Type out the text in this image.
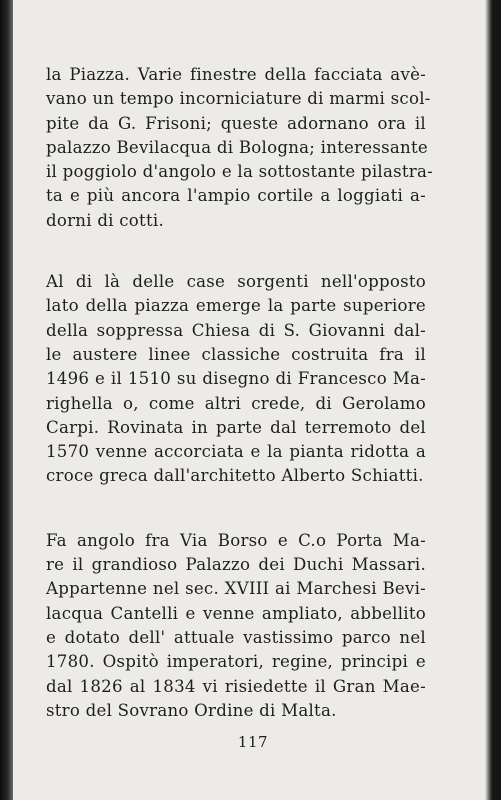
la Piazza. Varie finestre della facciata avè-
vano un tempo incorniciature di marmi scol-
pite da G. Frisoni; queste adornano ora il
palazzo Bevilacqua di Bologna; interessante
il poggiolo d'angolo e la sottostante pilastra-
ta e più ancora l'ampio cortile a loggiati a-
dorni di cotti.
Al di là delle case sorgenti nell'opposto
lato della piazza emerge la parte superiore
della soppressa Chiesa di S. Giovanni dal-
le austere linee classiche costruita fra il
1496 e il 1510 su disegno di Francesco Ma-
righella o, come altri crede, di Gerolamo
Carpi. Rovinata in parte dal terremoto del
1570 venne accorciata e la pianta ridotta a
croce greca dall'architetto Alberto Schiatti.
Fa angolo fra Via Borso e C.o Porta Ma-
re il grandioso Palazzo dei Duchi Massari.
Appartenne nel sec. XVIII ai Marchesi Bevi-
lacqua Cantelli e venne ampliato, abbellito
e dotato dell' attuale vastissimo parco nel
1780. Ospitò imperatori, regine, principi e
dal 1826 al 1834 vi risiedette il Gran Mae-
stro del Sovrano Ordine di Malta.
117
